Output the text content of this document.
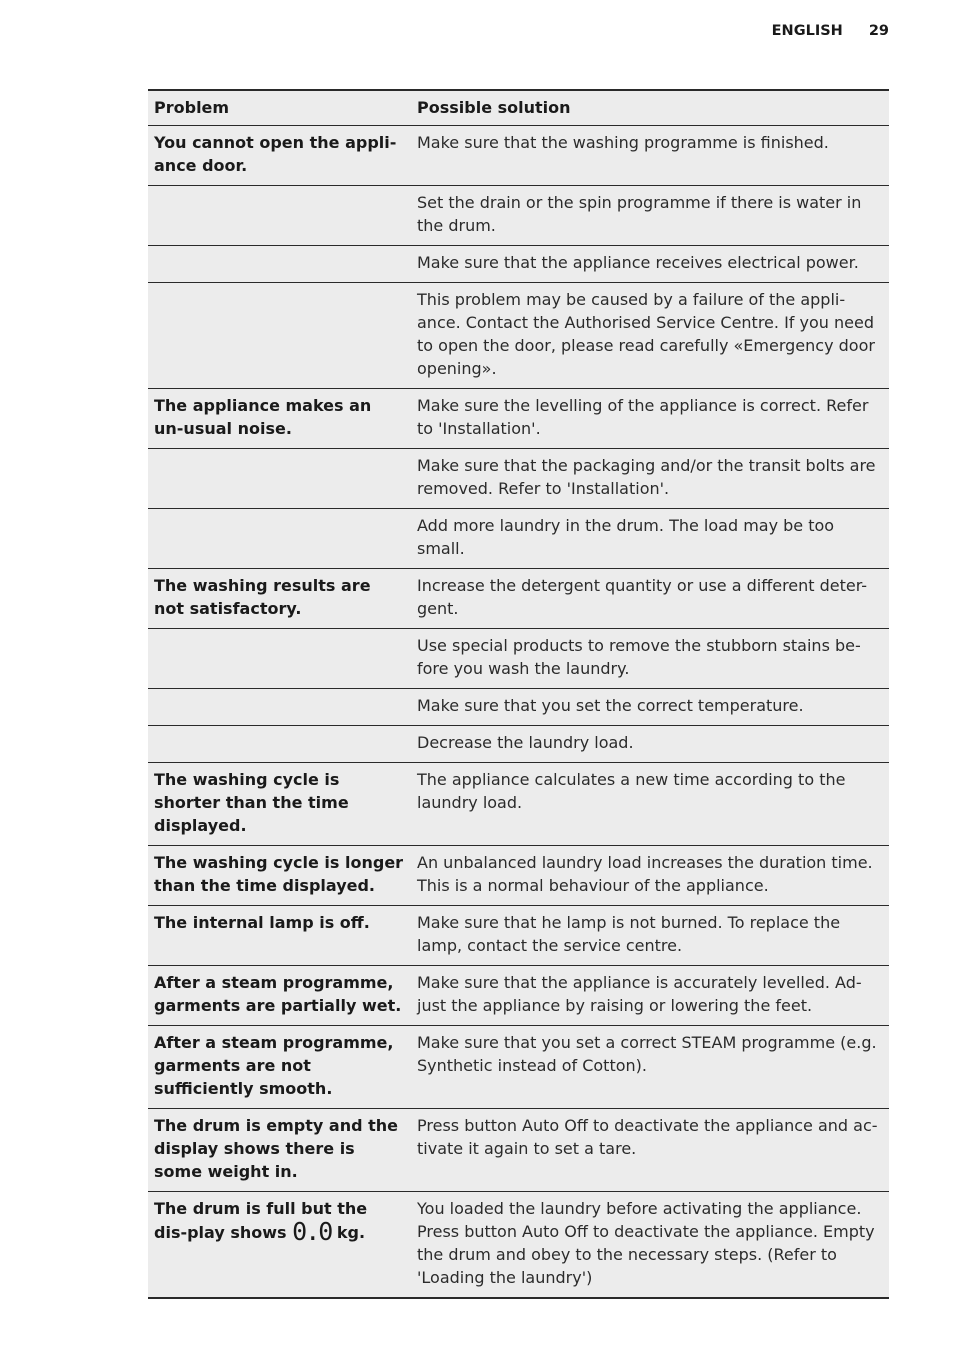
ENGLISH 29
Problem	Possible solution
You cannot open the appli-ance door.	Make sure that the washing programme is finished.
	Set the drain or the spin programme if there is water in the drum.
	Make sure that the appliance receives electrical power.
	This problem may be caused by a failure of the appli-ance. Contact the Authorised Service Centre. If you need to open the door, please read carefully «Emergency door opening».
The appliance makes an un-usual noise.	Make sure the levelling of the appliance is correct. Refer to 'Installation'.
	Make sure that the packaging and/or the transit bolts are removed. Refer to 'Installation'.
	Add more laundry in the drum. The load may be too small.
The washing results are not satisfactory.	Increase the detergent quantity or use a different deter-gent.
	Use special products to remove the stubborn stains be-fore you wash the laundry.
	Make sure that you set the correct temperature.
	Decrease the laundry load.
The washing cycle is shorter than the time displayed.	The appliance calculates a new time according to the laundry load.
The washing cycle is longer than the time displayed.	An unbalanced laundry load increases the duration time. This is a normal behaviour of the appliance.
The internal lamp is off.	Make sure that he lamp is not burned. To replace the lamp, contact the service centre.
After a steam programme, garments are partially wet.	Make sure that the appliance is accurately levelled. Ad-just the appliance by raising or lowering the feet.
After a steam programme, garments are not sufficiently smooth.	Make sure that you set a correct STEAM programme (e.g. Synthetic instead of Cotton).
The drum is empty and the display shows there is some weight in.	Press button Auto Off to deactivate the appliance and ac-tivate it again to set a tare.
The drum is full but the dis-play shows 0.0 kg.	You loaded the laundry before activating the appliance. Press button Auto Off to deactivate the appliance. Empty the drum and obey to the necessary steps. (Refer to 'Loading the laundry')
